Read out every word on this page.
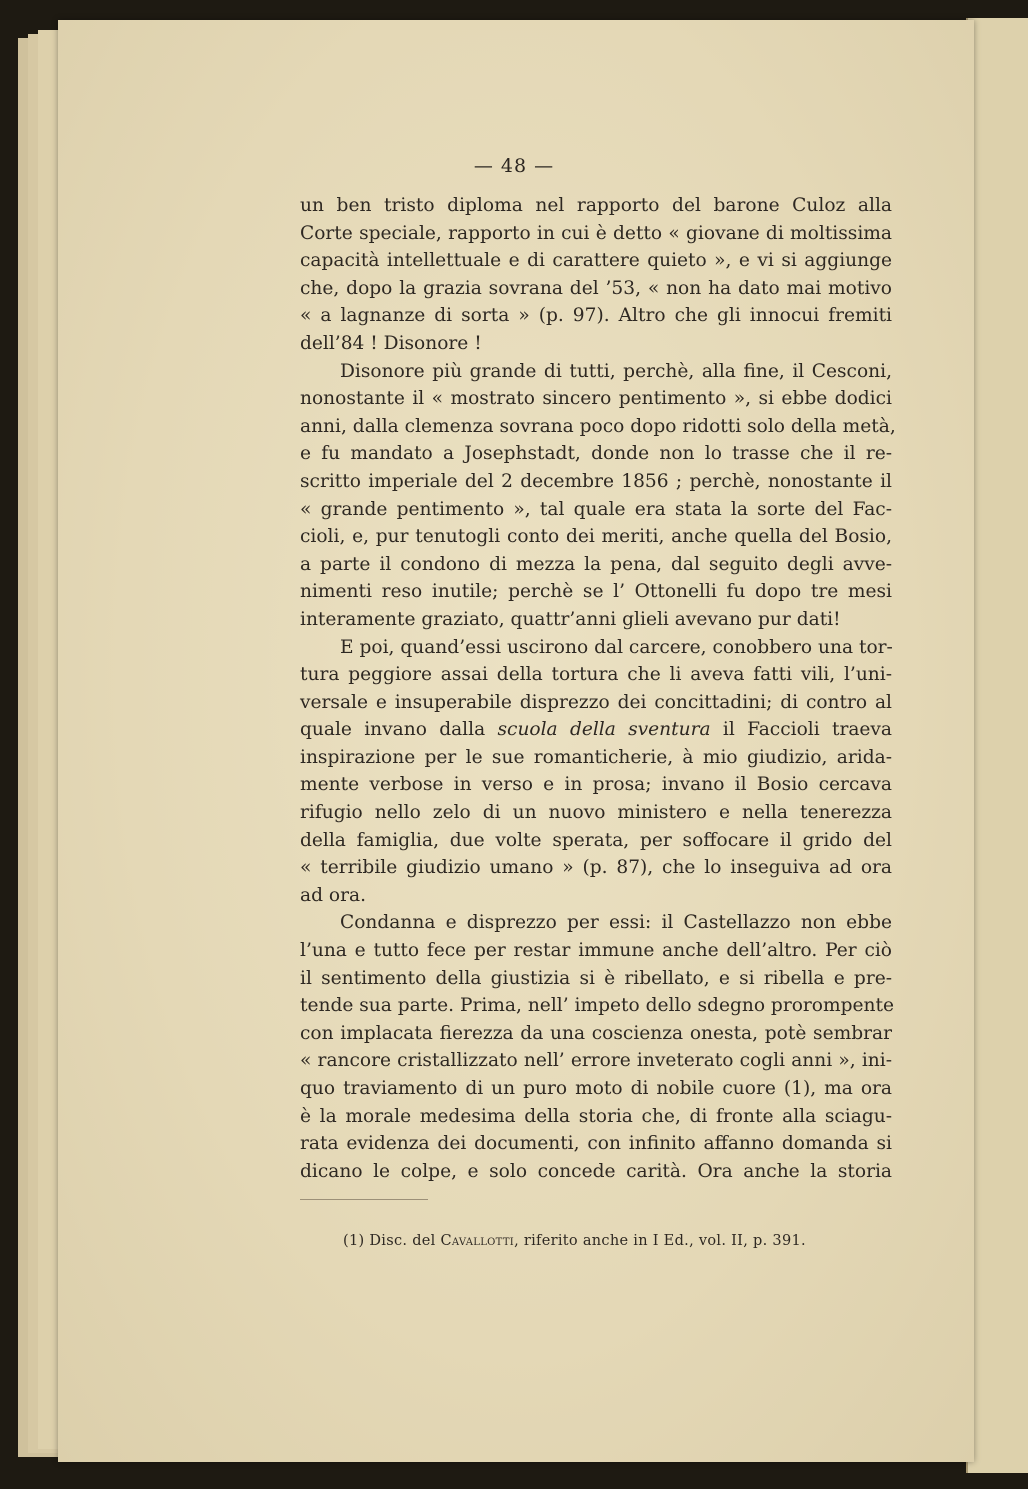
— 48 —
un ben tristo diploma nel rapporto del barone Culoz alla
Corte speciale, rapporto in cui è detto « giovane di moltissima
capacità intellettuale e di carattere quieto », e vi si aggiunge
che, dopo la grazia sovrana del ’53, « non ha dato mai motivo
« a lagnanze di sorta » (p. 97). Altro che gli innocui fremiti
dell’84 ! Disonore !
Disonore più grande di tutti, perchè, alla fine, il Cesconi,
nonostante il « mostrato sincero pentimento », si ebbe dodici
anni, dalla clemenza sovrana poco dopo ridotti solo della metà,
e fu mandato a Josephstadt, donde non lo trasse che il re-
scritto imperiale del 2 decembre 1856 ; perchè, nonostante il
« grande pentimento », tal quale era stata la sorte del Fac-
cioli, e, pur tenutogli conto dei meriti, anche quella del Bosio,
a parte il condono di mezza la pena, dal seguito degli avve-
nimenti reso inutile; perchè se l’ Ottonelli fu dopo tre mesi
interamente graziato, quattr’anni glieli avevano pur dati!
E poi, quand’essi uscirono dal carcere, conobbero una tor-
tura peggiore assai della tortura che li aveva fatti vili, l’uni-
versale e insuperabile disprezzo dei concittadini; di contro al
quale invano dalla scuola della sventura il Faccioli traeva
inspirazione per le sue romanticherie, à mio giudizio, arida-
mente verbose in verso e in prosa; invano il Bosio cercava
rifugio nello zelo di un nuovo ministero e nella tenerezza
della famiglia, due volte sperata, per soffocare il grido del
« terribile giudizio umano » (p. 87), che lo inseguiva ad ora
ad ora.
Condanna e disprezzo per essi: il Castellazzo non ebbe
l’una e tutto fece per restar immune anche dell’altro. Per ciò
il sentimento della giustizia si è ribellato, e si ribella e pre-
tende sua parte. Prima, nell’ impeto dello sdegno prorompente
con implacata fierezza da una coscienza onesta, potè sembrar
« rancore cristallizzato nell’ errore inveterato cogli anni », ini-
quo traviamento di un puro moto di nobile cuore (1), ma ora
è la morale medesima della storia che, di fronte alla sciagu-
rata evidenza dei documenti, con infinito affanno domanda si
dicano le colpe, e solo concede carità. Ora anche la storia
(1) Disc. del Cavallotti, riferito anche in I Ed., vol. II, p. 391.
